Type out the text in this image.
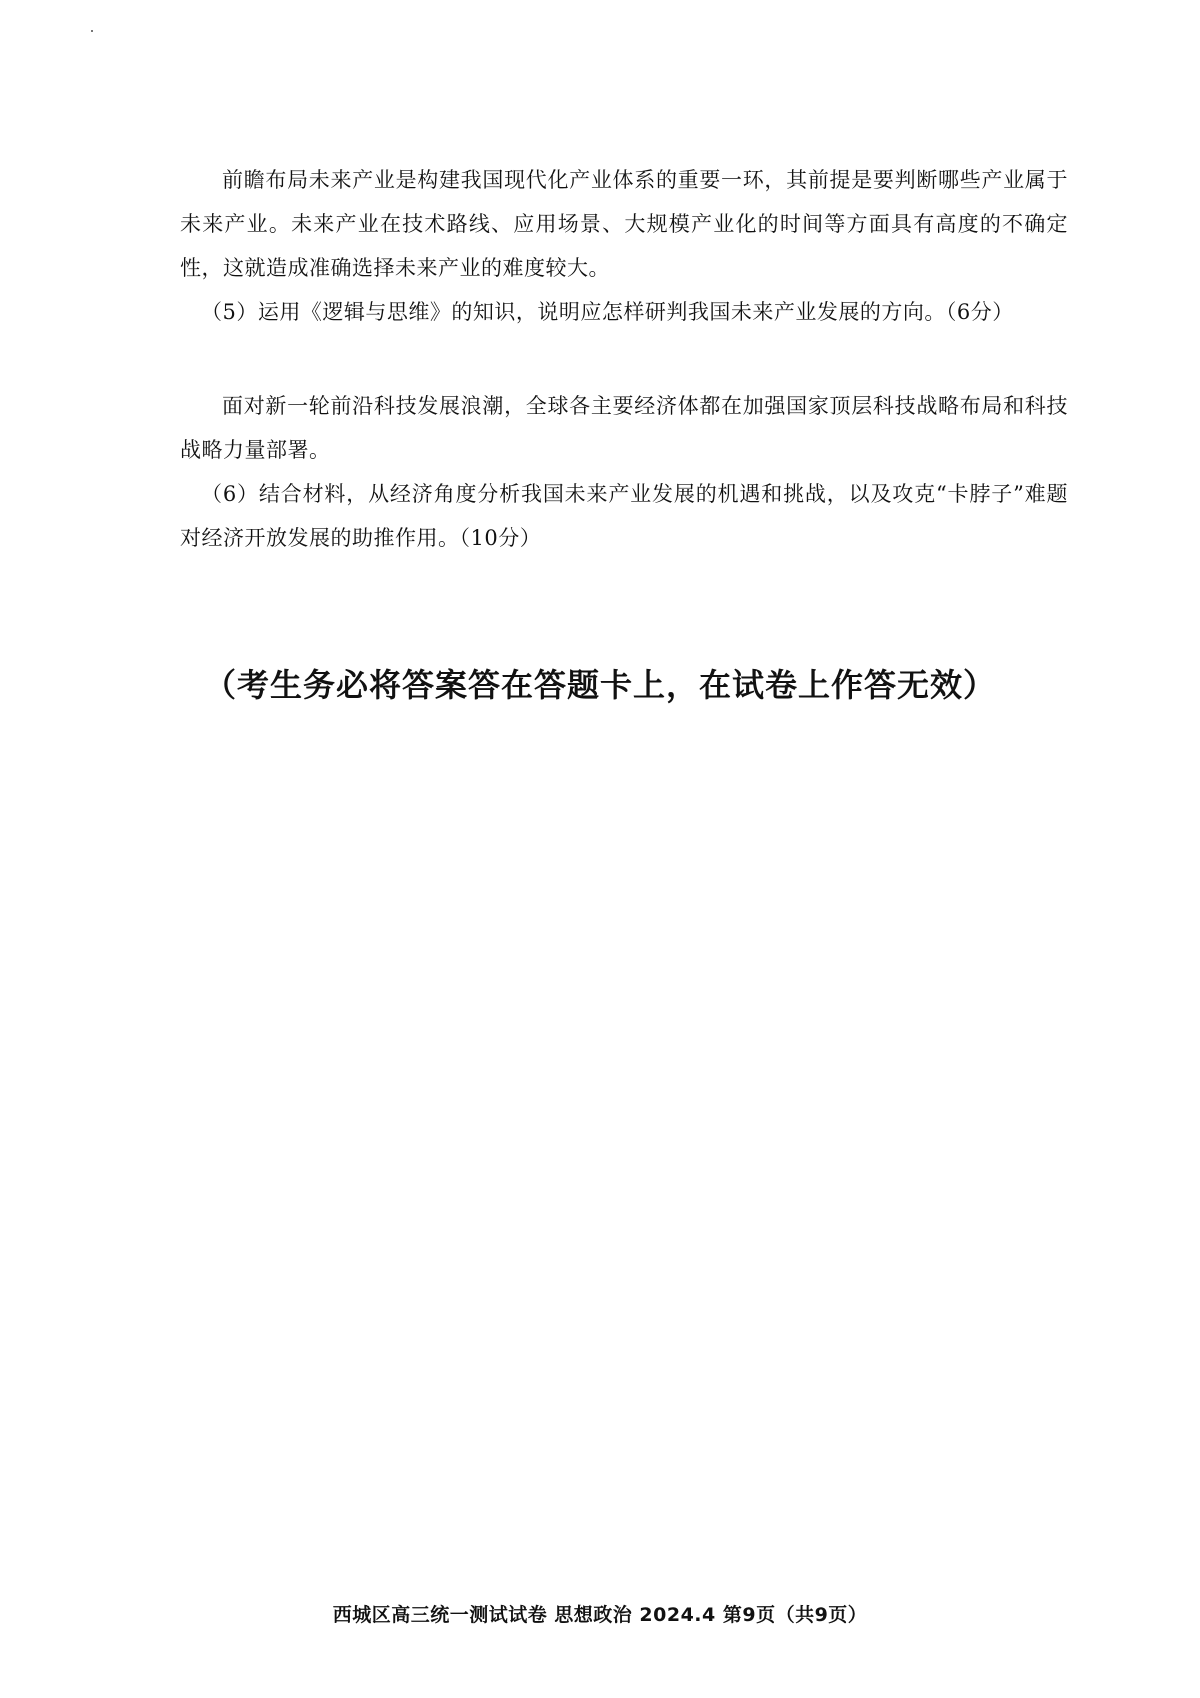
前瞻布局未来产业是构建我国现代化产业体系的重要一环，其前提是要判断哪些产业属于未来产业。未来产业在技术路线、应用场景、大规模产业化的时间等方面具有高度的不确定性，这就造成准确选择未来产业的难度较大。

（5）运用《逻辑与思维》的知识，说明应怎样研判我国未来产业发展的方向。（6分）

面对新一轮前沿科技发展浪潮，全球各主要经济体都在加强国家顶层科技战略布局和科技战略力量部署。

（6）结合材料，从经济角度分析我国未来产业发展的机遇和挑战，以及攻克“卡脖子”难题对经济开放发展的助推作用。（10分）

（考生务必将答案答在答题卡上，在试卷上作答无效）
西城区高三统一测试试卷 思想政治 2024.4 第9页（共9页）
